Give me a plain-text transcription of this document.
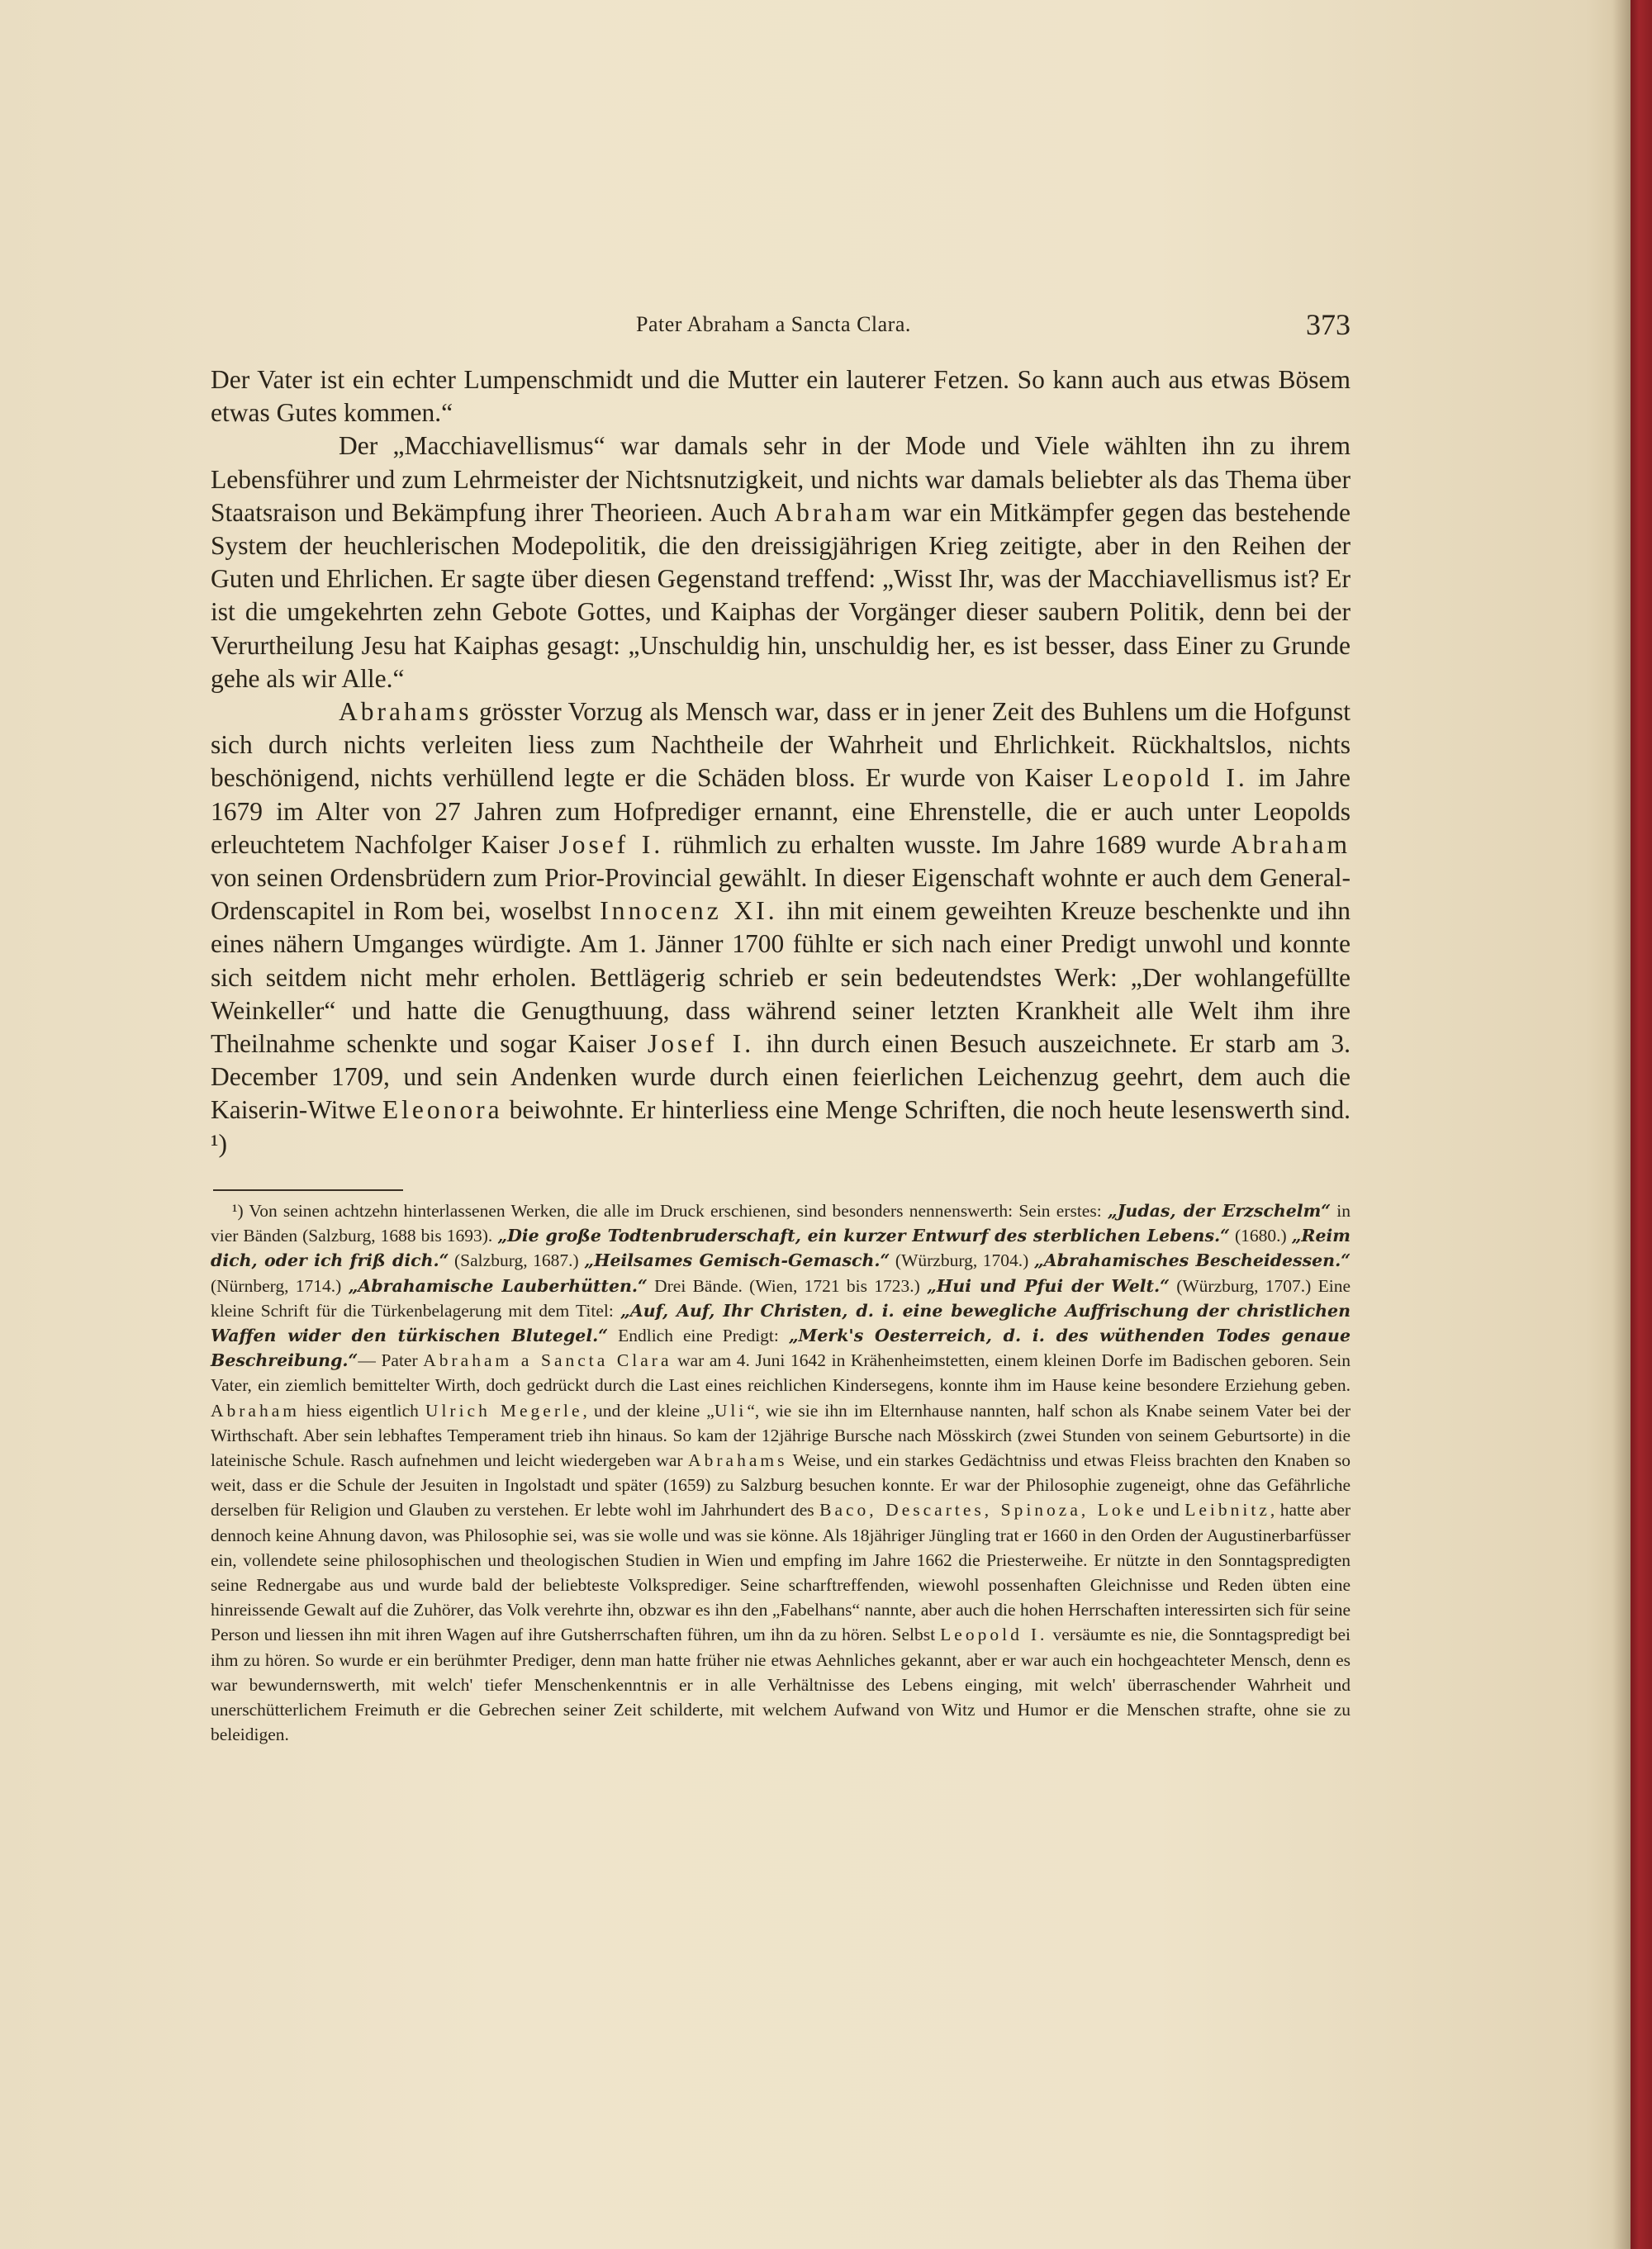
Pater Abraham a Sancta Clara.	373

Der Vater ist ein echter Lumpenschmidt und die Mutter ein lauterer Fetzen. So kann auch aus etwas Bösem etwas Gutes kommen.“

Der „Macchiavellismus“ war damals sehr in der Mode und Viele wählten ihn zu ihrem Lebensführer und zum Lehrmeister der Nichtsnutzigkeit, und nichts war damals beliebter als das Thema über Staatsraison und Bekämpfung ihrer Theorieen. Auch Abraham war ein Mitkämpfer gegen das bestehende System der heuchlerischen Modepolitik, die den dreissigjährigen Krieg zeitigte, aber in den Reihen der Guten und Ehrlichen. Er sagte über diesen Gegenstand treffend: „Wisst Ihr, was der Macchiavellismus ist? Er ist die umgekehrten zehn Gebote Gottes, und Kaiphas der Vorgänger dieser saubern Politik, denn bei der Verurtheilung Jesu hat Kaiphas gesagt: „Unschuldig hin, unschuldig her, es ist besser, dass Einer zu Grunde gehe als wir Alle.“

Abrahams grösster Vorzug als Mensch war, dass er in jener Zeit des Buhlens um die Hofgunst sich durch nichts verleiten liess zum Nachtheile der Wahrheit und Ehrlichkeit. Rückhaltslos, nichts beschönigend, nichts verhüllend legte er die Schäden bloss. Er wurde von Kaiser Leopold I. im Jahre 1679 im Alter von 27 Jahren zum Hofprediger ernannt, eine Ehrenstelle, die er auch unter Leopolds erleuchtetem Nachfolger Kaiser Josef I. rühmlich zu erhalten wusste. Im Jahre 1689 wurde Abraham von seinen Ordensbrüdern zum Prior-Provincial gewählt. In dieser Eigenschaft wohnte er auch dem General-Ordenscapitel in Rom bei, woselbst Innocenz XI. ihn mit einem geweihten Kreuze beschenkte und ihn eines nähern Umganges würdigte. Am 1. Jänner 1700 fühlte er sich nach einer Predigt unwohl und konnte sich seitdem nicht mehr erholen. Bettlägerig schrieb er sein bedeutendstes Werk: „Der wohlangefüllte Weinkeller“ und hatte die Genugthuung, dass während seiner letzten Krankheit alle Welt ihm ihre Theilnahme schenkte und sogar Kaiser Josef I. ihn durch einen Besuch auszeichnete. Er starb am 3. December 1709, und sein Andenken wurde durch einen feierlichen Leichenzug geehrt, dem auch die Kaiserin-Witwe Eleonora beiwohnte. Er hinterliess eine Menge Schriften, die noch heute lesenswerth sind. ¹)

¹) Von seinen achtzehn hinterlassenen Werken, die alle im Druck erschienen, sind besonders nennenswerth: Sein erstes: „Judas, der Erzschelm“ in vier Bänden (Salzburg, 1688 bis 1693). „Die große Todtenbruderschaft, ein kurzer Entwurf des sterblichen Lebens.“ (1680.) „Reim dich, oder ich friß dich.“ (Salzburg, 1687.) „Heilsames Gemisch-Gemasch.“ (Würzburg, 1704.) „Abrahamisches Bescheidessen.“ (Nürnberg, 1714.) „Abrahamische Lauberhütten.“ Drei Bände. (Wien, 1721 bis 1723.) „Hui und Pfui der Welt.“ (Würzburg, 1707.) Eine kleine Schrift für die Türkenbelagerung mit dem Titel: „Auf, Auf, Ihr Christen, d. i. eine bewegliche Auffrischung der christlichen Waffen wider den türkischen Blutegel.“ Endlich eine Predigt: „Merk's Oesterreich, d. i. des wüthenden Todes genaue Beschreibung.“— Pater Abraham a Sancta Clara war am 4. Juni 1642 in Krähenheimstetten, einem kleinen Dorfe im Badischen geboren. Sein Vater, ein ziemlich bemittelter Wirth, doch gedrückt durch die Last eines reichlichen Kindersegens, konnte ihm im Hause keine besondere Erziehung geben. Abraham hiess eigentlich Ulrich Megerle, und der kleine „Uli“, wie sie ihn im Elternhause nannten, half schon als Knabe seinem Vater bei der Wirthschaft. Aber sein lebhaftes Temperament trieb ihn hinaus. So kam der 12jährige Bursche nach Mösskirch (zwei Stunden von seinem Geburtsorte) in die lateinische Schule. Rasch aufnehmen und leicht wiedergeben war Abrahams Weise, und ein starkes Gedächtniss und etwas Fleiss brachten den Knaben so weit, dass er die Schule der Jesuiten in Ingolstadt und später (1659) zu Salzburg besuchen konnte. Er war der Philosophie zugeneigt, ohne das Gefährliche derselben für Religion und Glauben zu verstehen. Er lebte wohl im Jahrhundert des Baco, Descartes, Spinoza, Loke und Leibnitz, hatte aber dennoch keine Ahnung davon, was Philosophie sei, was sie wolle und was sie könne. Als 18jähriger Jüngling trat er 1660 in den Orden der Augustinerbarfüsser ein, vollendete seine philosophischen und theologischen Studien in Wien und empfing im Jahre 1662 die Priesterweihe. Er nützte in den Sonntagspredigten seine Rednergabe aus und wurde bald der beliebteste Volksprediger. Seine scharftreffenden, wiewohl possenhaften Gleichnisse und Reden übten eine hinreissende Gewalt auf die Zuhörer, das Volk verehrte ihn, obzwar es ihn den „Fabelhans“ nannte, aber auch die hohen Herrschaften interessirten sich für seine Person und liessen ihn mit ihren Wagen auf ihre Gutsherrschaften führen, um ihn da zu hören. Selbst Leopold I. versäumte es nie, die Sonntagspredigt bei ihm zu hören. So wurde er ein berühmter Prediger, denn man hatte früher nie etwas Aehnliches gekannt, aber er war auch ein hochgeachteter Mensch, denn es war bewundernswerth, mit welch' tiefer Menschenkenntnis er in alle Verhältnisse des Lebens einging, mit welch' überraschender Wahrheit und unerschütterlichem Freimuth er die Gebrechen seiner Zeit schilderte, mit welchem Aufwand von Witz und Humor er die Menschen strafte, ohne sie zu beleidigen.
